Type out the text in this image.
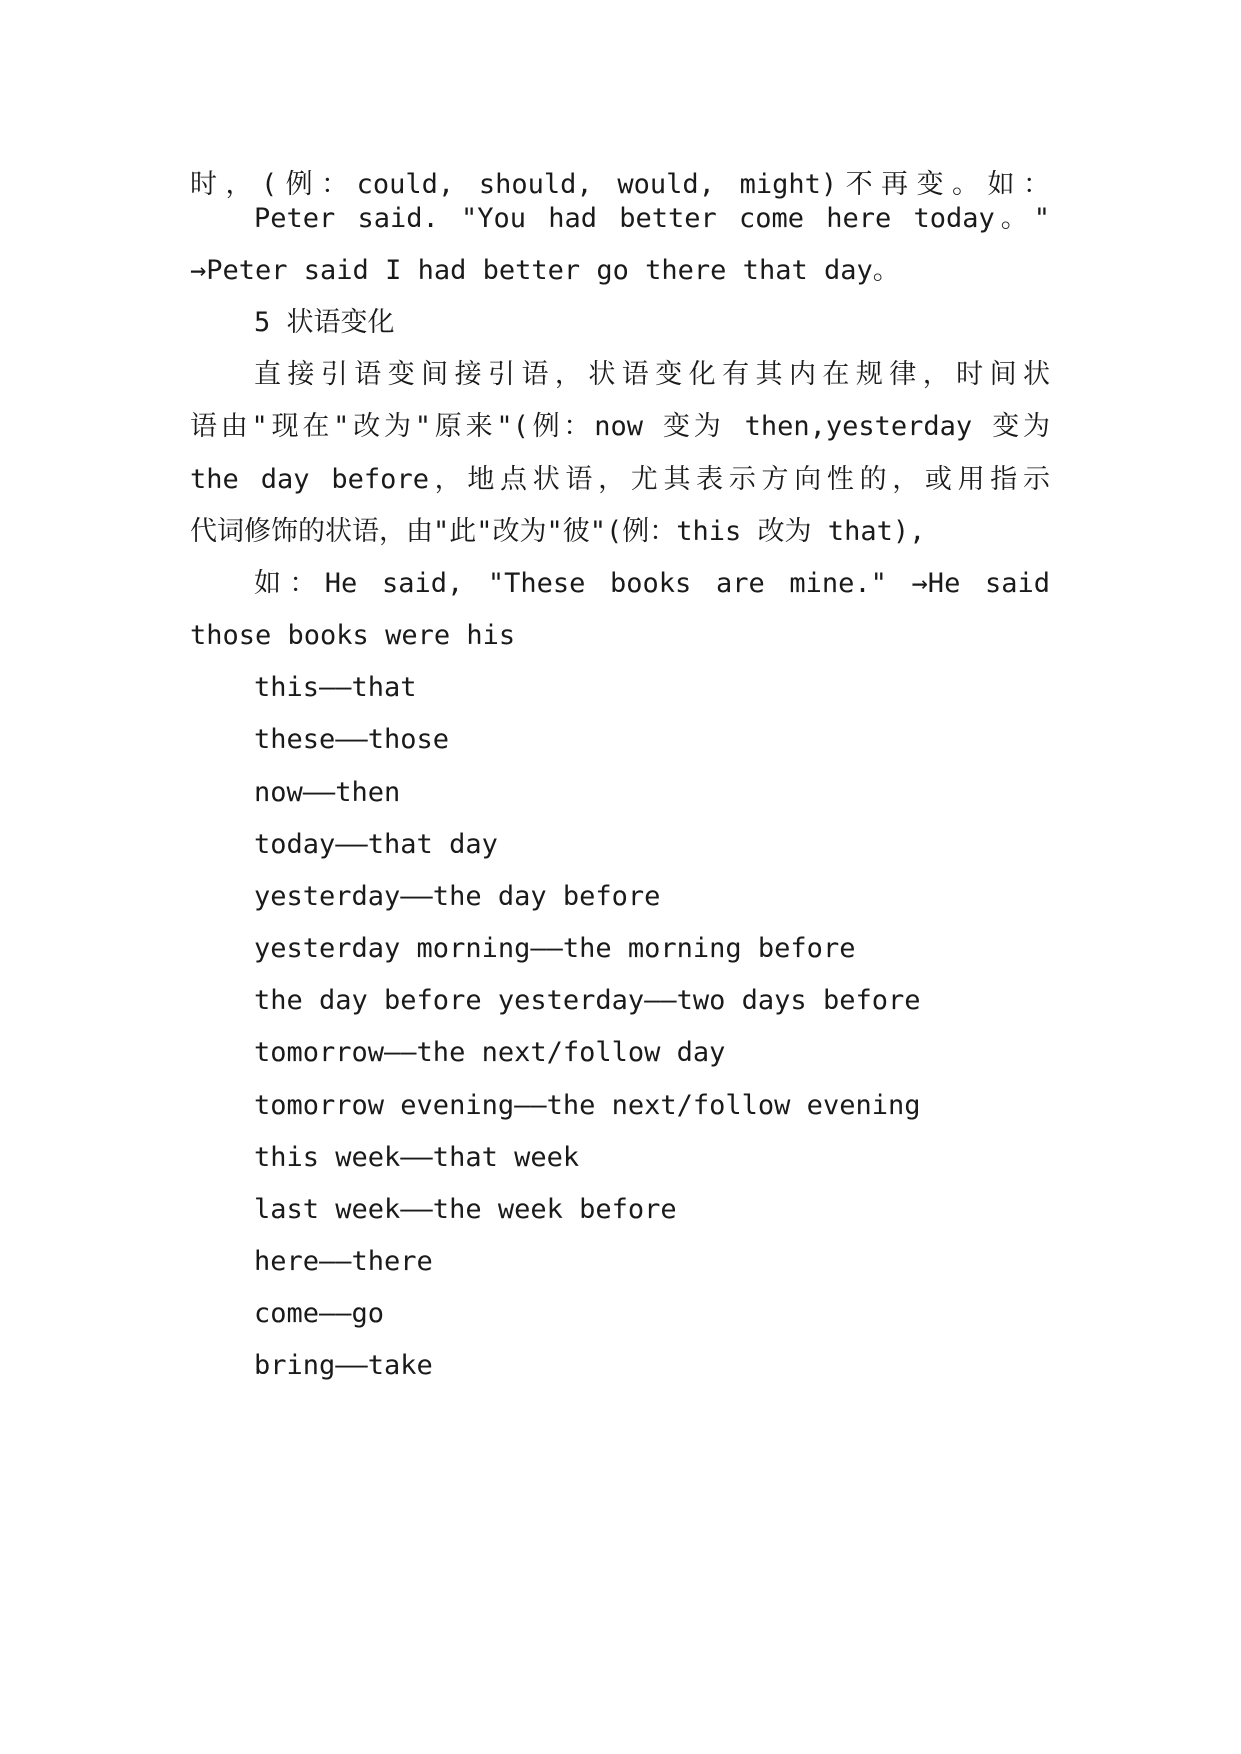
时，(例：could, should, would, might)不再变。如：
Peter said. "You had better come here today。"
→Peter said I had better go there that day。
5 状语变化
直接引语变间接引语，状语变化有其内在规律，时间状
语由"现在"改为"原来"(例：now 变为 then,yesterday 变为
the day before，地点状语，尤其表示方向性的，或用指示
代词修饰的状语，由"此"改为"彼"(例：this 改为 that),
如：He said, "These books are mine." →He said
those books were his
this——that
these——those
now——then
today——that day
yesterday——the day before
yesterday morning——the morning before
the day before yesterday——two days before
tomorrow——the next/follow day
tomorrow evening——the next/follow evening
this week——that week
last week——the week before
here——there
come——go
bring——take
